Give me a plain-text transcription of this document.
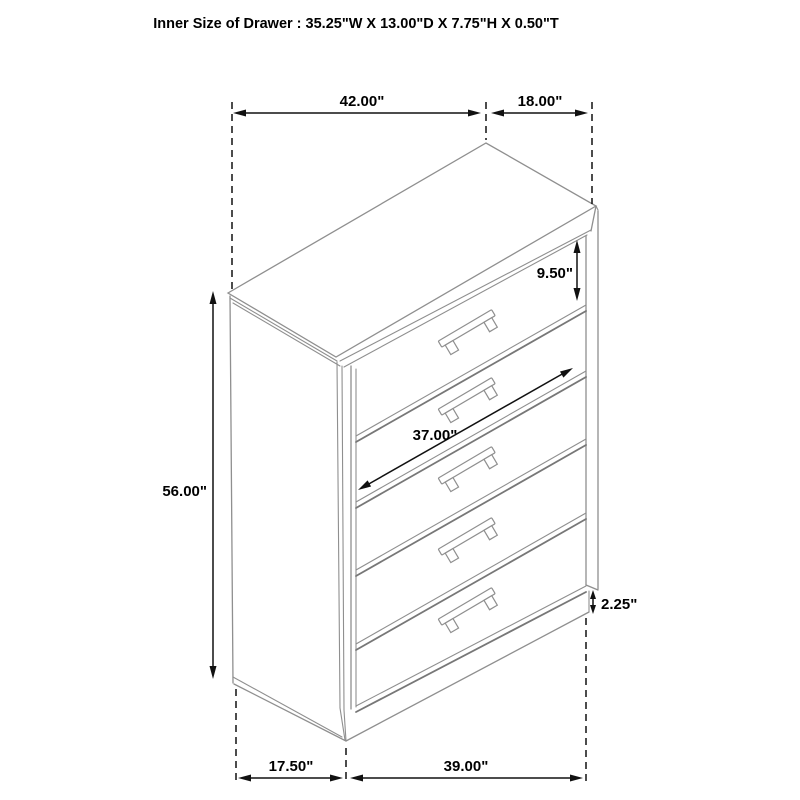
Inner Size of Drawer : 35.25"W X 13.00"D X 7.75"H X 0.50"T
42.00"	18.00"
56.00"
9.50"
37.00"
2.25"
17.50"	39.00"
